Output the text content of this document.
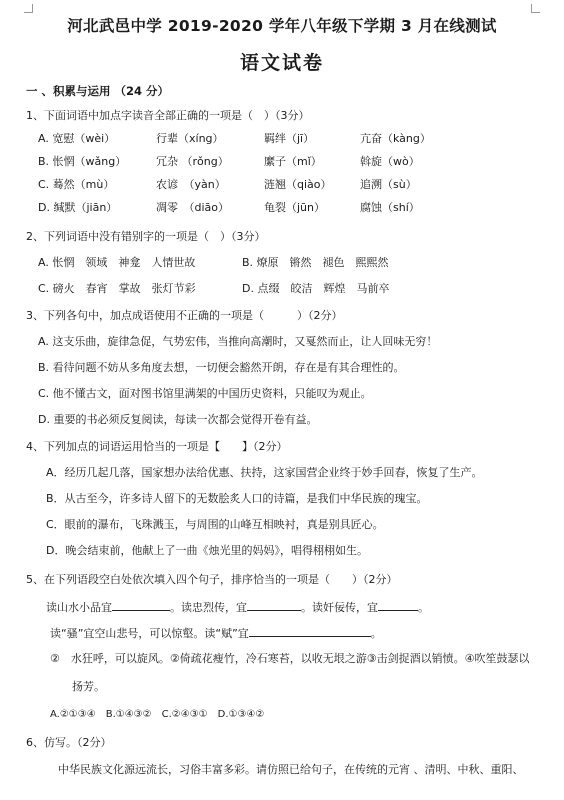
河北武邑中学 2019-2020 学年八年级下学期 3 月在线测试
语文试卷
一 、积累与运用 （24 分）
1、下面词语中加点字读音全部正确的一项是（　）（3分）
A. 宽慰（wèi）	行辈（xíng）	羁绊（jī）	亢奋（kàng）
B. 怅惘（wǎng）	冗杂 （rǒng）	縻子（mǐ）	斡旋（wò）
C. 蓦然（mù）	农谚　（yàn）	涟翘（qiào）	追溯（sù）
D. 缄默（jiān）	凋零　（diāo）	龟裂（jūn）	腐蚀（shí）
2、下列词语中没有错别字的一项是（　）（3分）
A. 怅惘　领域　神龛　人情世故	B. 燎原　锵然　褪色　熙熙然
C. 磅火　春宵　掌故　张灯节彩	D. 点缀　皎洁　辉煌　马前卒
3、下列各句中，加点成语使用不正确的一项是（　　　）（2分）
A. 这支乐曲，旋律急促，气势宏伟，当推向高潮时，又戛然而止，让人回味无穷！
B. 看待问题不妨从多角度去想，一切便会豁然开朗，存在是有其合理性的。
C. 他不懂古文，面对图书馆里满架的中国历史资料，只能叹为观止。
D. 重要的书必须反复阅读，每读一次都会觉得开卷有益。
4、下列加点的词语运用恰当的一项是【　　】（2分）
A．经历几起几落，国家想办法给优惠、扶持，这家国营企业终于妙手回春，恢复了生产。
B．从古至今，许多诗人留下的无数脍炙人口的诗篇，是我们中华民族的瑰宝。
C．眼前的瀑布，飞珠溅玉，与周围的山峰互相映衬，真是别具匠心。
D．晚会结束前，他献上了一曲《烛光里的妈妈》，唱得栩栩如生。
5、在下列语段空白处依次填入四个句子，排序恰当的一项是（　　）（2分）
读山水小品宜	。读忠烈传，宜	。读奸佞传，宜	。
读“骚”宜空山悲号，可以惊壑。读“赋”宜	。
②　水狂呼，可以旋风。②倚疏花瘦竹，冷石寒苔，以收无垠之游③击剑捉酒以销愤。④吹笙鼓瑟以
扬芳。
A.②①③④　B.①④③②　C.②④③①　D.①③④②
6、仿写。（2分）
中华民族文化源远流长，习俗丰富多彩。请仿照已给句子，在传统的元宵 、清明、中秋、重阳、
